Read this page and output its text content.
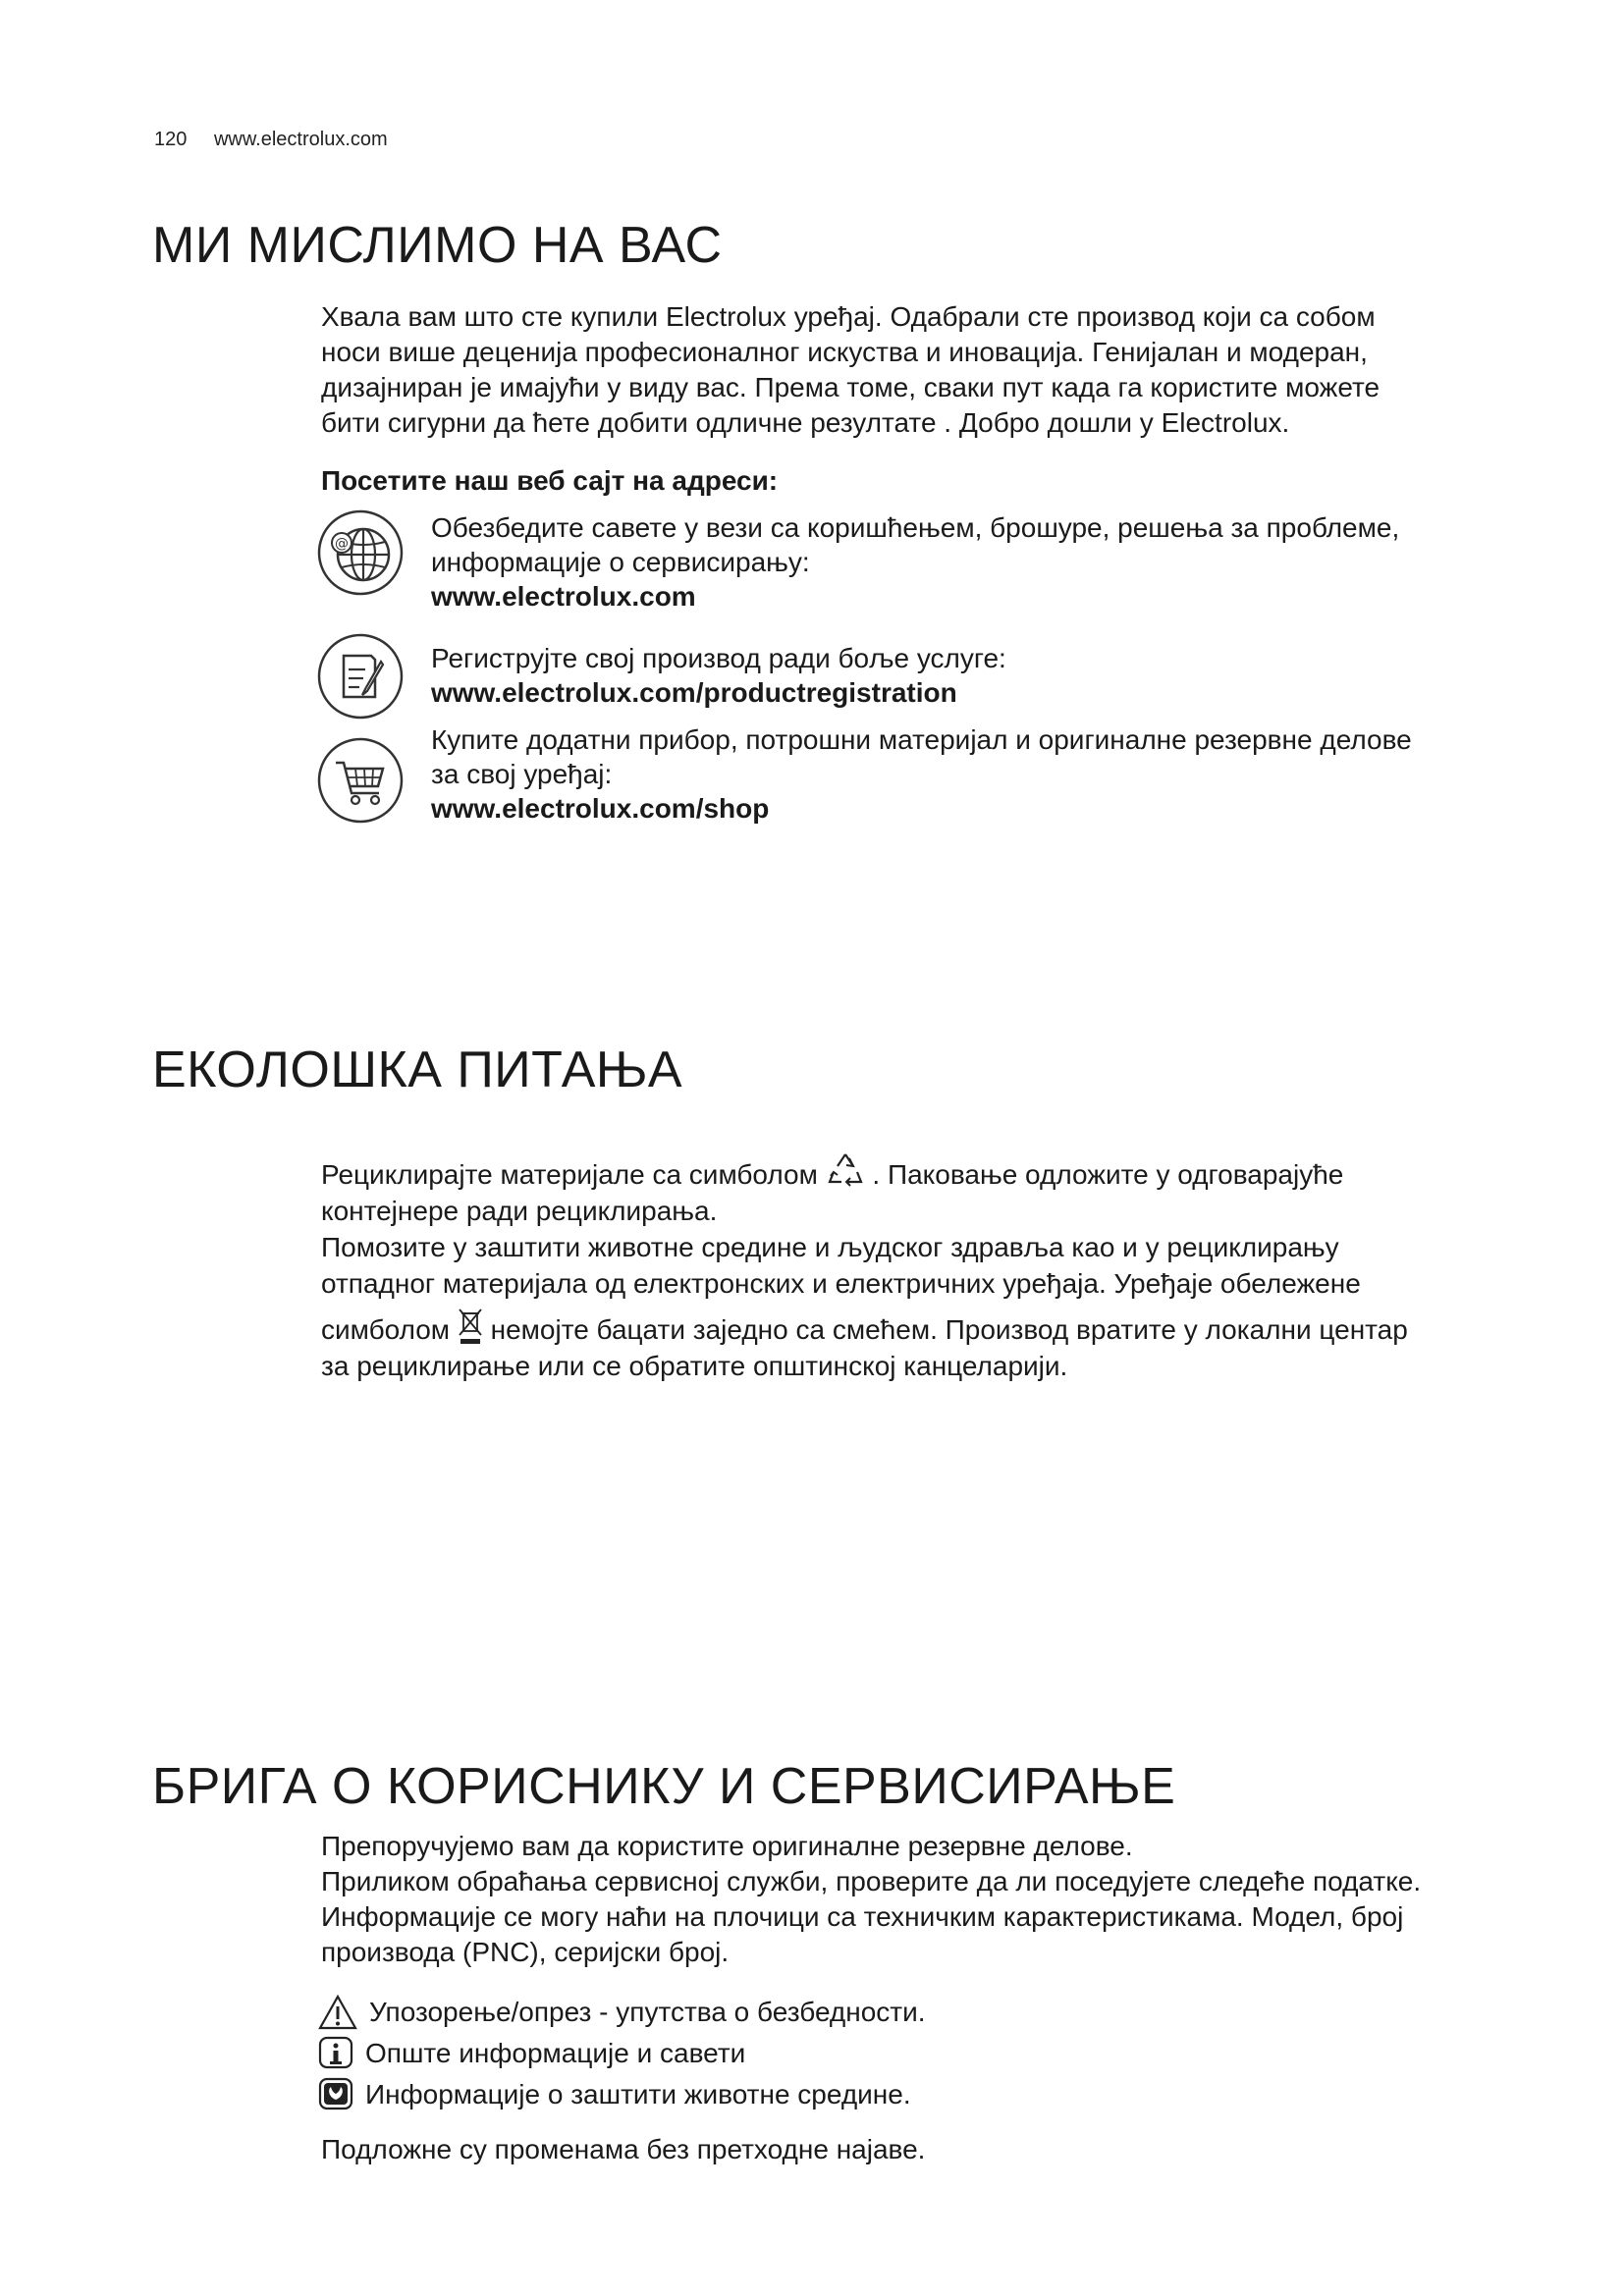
120 www.electrolux.com
МИ МИСЛИМО НА ВАС

Хвала вам што сте купили Electrolux уређај. Одабрали сте производ који са собом

носи више деценија професионалног искуства и иновација. Генијалан и модеран,

дизајниран је имајући у виду вас. Према томе, сваки пут када га користите можете

бити сигурни да ћете добити одличне резултате . Добро дошли у Electrolux.

Посетите наш веб сајт на адреси:
@
Обезбедите савете у вези са коришћењем, брошуре, решења за проблеме,
информације о сервисирању:
www.electrolux.com
Региструјте свој производ ради боље услуге:
www.electrolux.com/productregistration
Купите додатни прибор, потрошни материјал и оригиналне резервне делове
за свој уређај:
www.electrolux.com/shop
ЕКОЛОШКА ПИТАЊА

Рециклирајте материјале са симболом . Паковање одложите у одговарајуће

контејнере ради рециклирања.

Помозите у заштити животне средине и људског здравља као и у рециклирању

отпадног материјала од електронских и електричних уређаја. Уређаје обележене

симболом  немојте бацати заједно са смећем. Производ вратите у локални центар

за рециклирање или се обратите општинској канцеларији.

БРИГА О КОРИСНИКУ И СЕРВИСИРАЊЕ

Препоручујемо вам да користите оригиналне резервне делове.

Приликом обраћања сервисној служби, проверите да ли поседујете следеће податке.

Информације се могу наћи на плочици са техничким карактеристикама. Модел, број

производа (PNC), серијски број.

Упозорење/опрез - упутства о безбедности.
Опште информације и савети
Информације о заштити животне средине.
Подложне су променама без претходне најаве.
